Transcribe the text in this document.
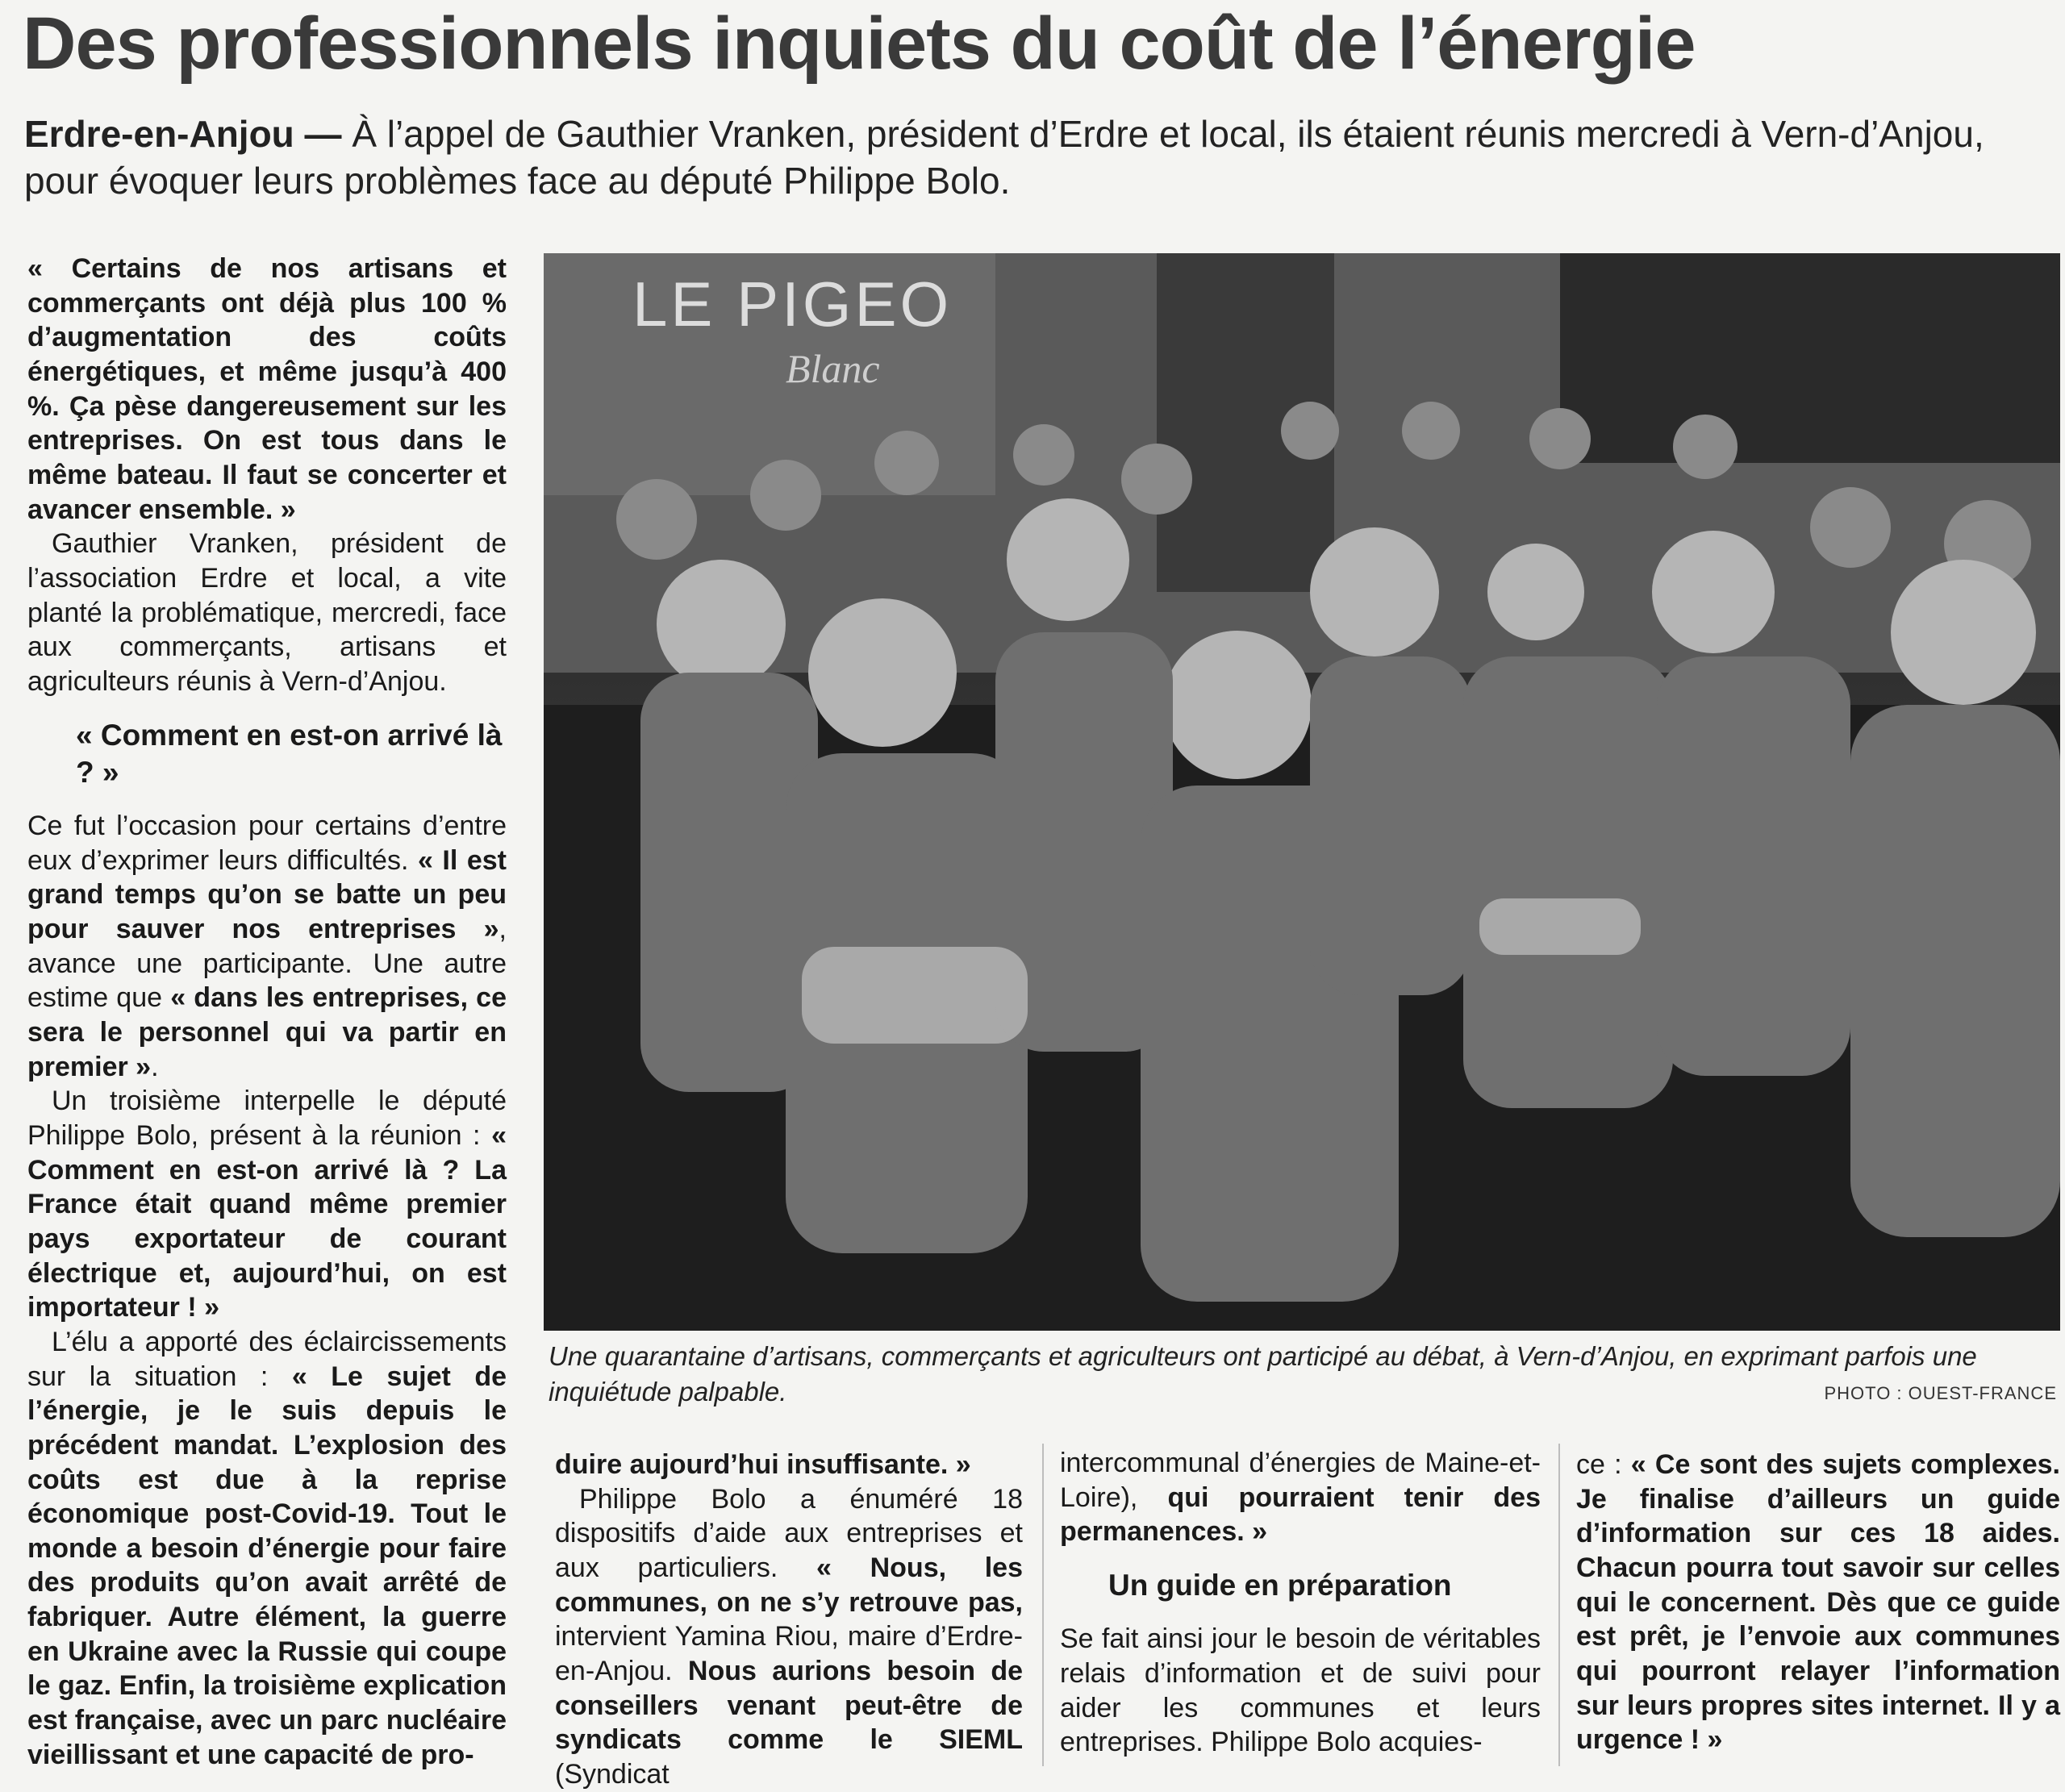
Des professionnels inquiets du coût de l’énergie
Erdre-en-Anjou — À l’appel de Gauthier Vranken, président d’Erdre et local, ils étaient réunis mercredi à Vern-d’Anjou, pour évoquer leurs problèmes face au député Philippe Bolo.

« Certains de nos artisans et commerçants ont déjà plus 100 % d’augmentation des coûts énergétiques, et même jusqu’à 400 %. Ça pèse dangereusement sur les entreprises. On est tous dans le même bateau. Il faut se concerter et avancer ensemble. »

Gauthier Vranken, président de l’association Erdre et local, a vite planté la problématique, mercredi, face aux commerçants, artisans et agriculteurs réunis à Vern-d’Anjou.

« Comment en est-on arrivé là ? »

Ce fut l’occasion pour certains d’entre eux d’exprimer leurs difficultés. « Il est grand temps qu’on se batte un peu pour sauver nos entreprises », avance une participante. Une autre estime que « dans les entreprises, ce sera le personnel qui va partir en premier ».

Un troisième interpelle le député Philippe Bolo, présent à la réunion : « Comment en est-on arrivé là ? La France était quand même premier pays exportateur de courant électrique et, aujourd’hui, on est importateur ! »

L’élu a apporté des éclaircissements sur la situation : « Le sujet de l’énergie, je le suis depuis le précédent mandat. L’explosion des coûts est due à la reprise économique post-Covid-19. Tout le monde a besoin d’énergie pour faire des produits qu’on avait arrêté de fabriquer. Autre élément, la guerre en Ukraine avec la Russie qui coupe le gaz. Enfin, la troisième explication est française, avec un parc nucléaire vieillissant et une capacité de pro-

LE PIGEO
Blanc
Une quarantaine d’artisans, commerçants et agriculteurs ont participé au débat, à Vern-d’Anjou, en exprimant parfois une inquiétude palpable.	PHOTO : OUEST-FRANCE

duire aujourd’hui insuffisante. »

Philippe Bolo a énuméré 18 dispositifs d’aide aux entreprises et aux particuliers. « Nous, les communes, on ne s’y retrouve pas, intervient Yamina Riou, maire d’Erdre-en-Anjou. Nous aurions besoin de conseillers venant peut-être de syndicats comme le SIEML (Syndicat

intercommunal d’énergies de Maine-et-Loire), qui pourraient tenir des permanences. »

Un guide en préparation

Se fait ainsi jour le besoin de véritables relais d’information et de suivi pour aider les communes et leurs entreprises. Philippe Bolo acquies-

ce : « Ce sont des sujets complexes. Je finalise d’ailleurs un guide d’information sur ces 18 aides. Chacun pourra tout savoir sur celles qui le concernent. Dès que ce guide est prêt, je l’envoie aux communes qui pourront relayer l’information sur leurs propres sites internet. Il y a urgence ! »
